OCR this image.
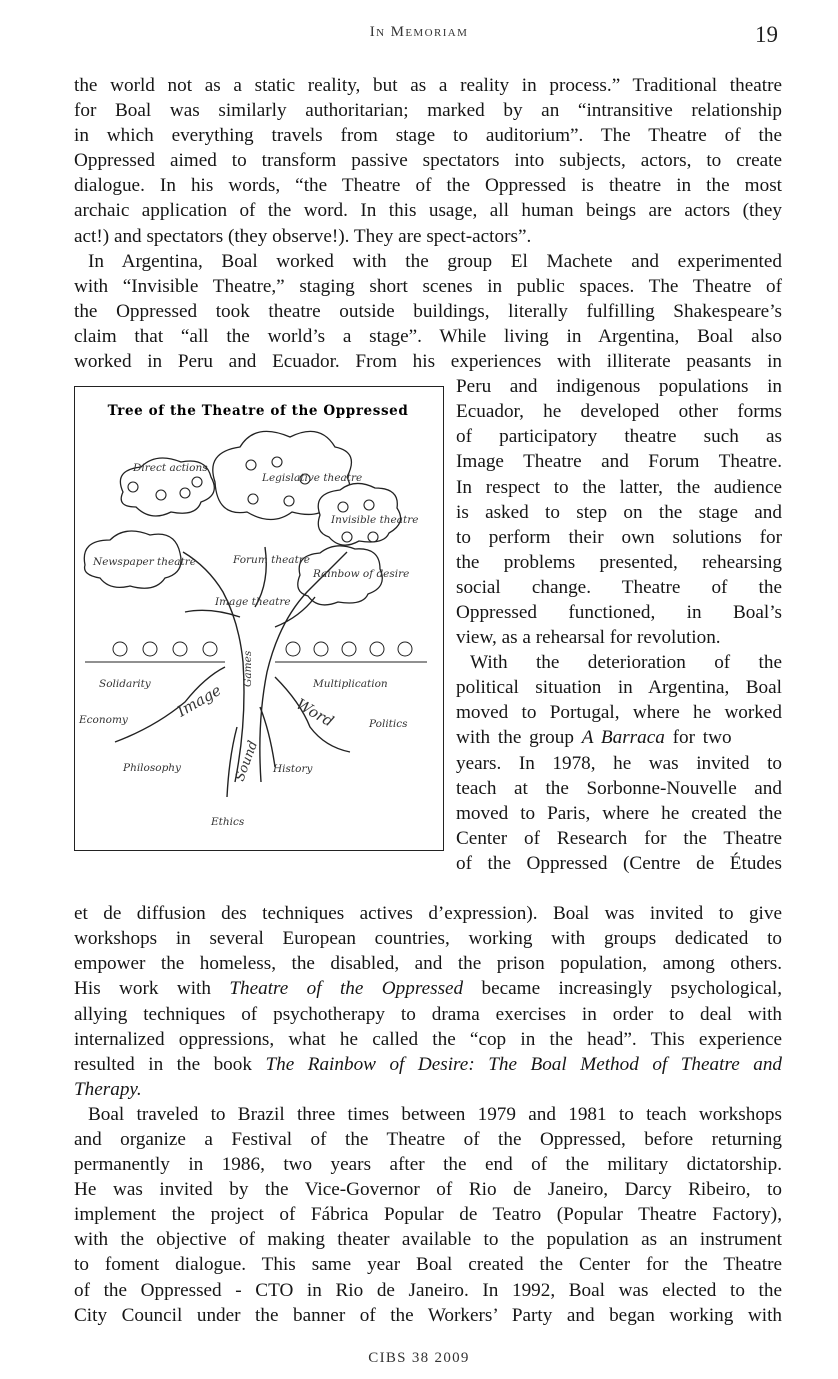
In Memoriam	19
the world not as a static reality, but as a reality in process.” Traditional theatre
for Boal was similarly authoritarian; marked by an “intransitive relationship
in which everything travels from stage to auditorium”. The Theatre of the
Oppressed aimed to transform passive spectators into subjects, actors, to create
dialogue. In his words, “the Theatre of the Oppressed is theatre in the most
archaic application of the word. In this usage, all human beings are actors (they
act!) and spectators (they observe!). They are spect-actors”.
In Argentina, Boal worked with the group El Machete and experimented
with “Invisible Theatre,” staging short scenes in public spaces. The Theatre of
the Oppressed took theatre outside buildings, literally fulfilling Shakespeare’s
claim that “all the world’s a stage”. While living in Argentina, Boal also
worked in Peru and Ecuador. From his experiences with illiterate peasants in
Peru and indigenous populations in
Ecuador, he developed other forms
of participatory theatre such as
Image Theatre and Forum Theatre.
In respect to the latter, the audience
is asked to step on the stage and
to perform their own solutions for
the problems presented, rehearsing
social change. Theatre of the
Oppressed functioned, in Boal’s
view, as a rehearsal for revolution.
With the deterioration of the
political situation in Argentina, Boal
moved to Portugal, where he worked
with the group A Barraca for two
years. In 1978, he was invited to
teach at the Sorbonne-Nouvelle and
moved to Paris, where he created the
Center of Research for the Theatre
of the Oppressed (Centre de Études
Tree of the Theatre of the Oppressed
Legislative theatre
Direct actions
Invisible theatre
Newspaper theatre	Forum theatre
Rainbow of desire
Image theatre
Games
Solidarity	Multiplication
Economy	Image	Word	Politics
Philosophy	Sound History
Ethics
et de diffusion des techniques actives d’expression). Boal was invited to give
workshops in several European countries, working with groups dedicated to
empower the homeless, the disabled, and the prison population, among others.
His work with Theatre of the Oppressed became increasingly psychological,
allying techniques of psychotherapy to drama exercises in order to deal with
internalized oppressions, what he called the “cop in the head”. This experience
resulted in the book The Rainbow of Desire: The Boal Method of Theatre and
Therapy.
Boal traveled to Brazil three times between 1979 and 1981 to teach workshops
and organize a Festival of the Theatre of the Oppressed, before returning
permanently in 1986, two years after the end of the military dictatorship.
He was invited by the Vice-Governor of Rio de Janeiro, Darcy Ribeiro, to
implement the project of Fábrica Popular de Teatro (Popular Theatre Factory),
with the objective of making theater available to the population as an instrument
to foment dialogue. This same year Boal created the Center for the Theatre
of the Oppressed - CTO in Rio de Janeiro. In 1992, Boal was elected to the
City Council under the banner of the Workers’ Party and began working with
CIBS 38 2009
